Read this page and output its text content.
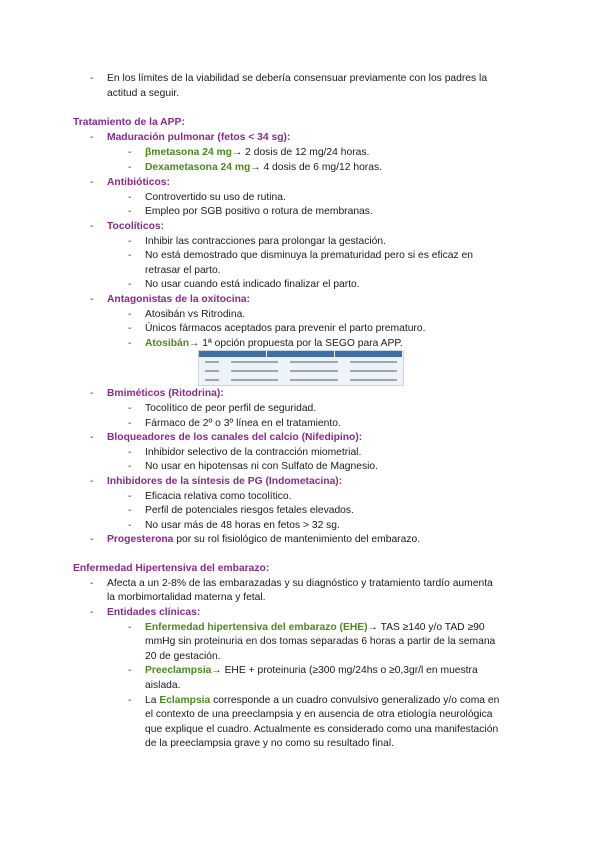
- En los límites de la viabilidad se debería consensuar previamente con los padres la
actitud a seguir.
Tratamiento de la APP:
- Maduración pulmonar (fetos < 34 sg):
- βmetasona 24 mg→ 2 dosis de 12 mg/24 horas.
- Dexametasona 24 mg→ 4 dosis de 6 mg/12 horas.
- Antibióticos:
- Controvertido su uso de rutina.
- Empleo por SGB positivo o rotura de membranas.
- Tocolíticos:
- Inhibir las contracciones para prolongar la gestación.
- No está demostrado que disminuya la prematuridad pero si es eficaz en
retrasar el parto.
- No usar cuando está indicado finalizar el parto.
- Antagonistas de la oxitocina:
- Atosibán vs Ritrodina.
- Únicos fármacos aceptados para prevenir el parto prematuro.
- Atosibán→ 1ª opción propuesta por la SEGO para APP.
- Bmiméticos (Ritodrina):
- Tocolítico de peor perfil de seguridad.
- Fármaco de 2º o 3º línea en el tratamiento.
- Bloqueadores de los canales del calcio (Nifedipino):
- Inhibidor selectivo de la contracción miometrial.
- No usar en hipotensas ni con Sulfato de Magnesio.
- Inhibidores de la síntesis de PG (Indometacina):
- Eficacia relativa como tocolítico.
- Perfil de potenciales riesgos fetales elevados.
- No usar más de 48 horas en fetos > 32 sg.
- Progesterona por su rol fisiológico de mantenimiento del embarazo.
Enfermedad Hipertensiva del embarazo:
- Afecta a un 2-8% de las embarazadas y su diagnóstico y tratamiento tardío aumenta
la morbimortalidad materna y fetal.
- Entidades clínicas:
- Enfermedad hipertensiva del embarazo (EHE)→ TAS ≥140 y/o TAD ≥90
mmHg sin proteinuria en dos tomas separadas 6 horas a partir de la semana
20 de gestación.
- Preeclampsia→ EHE + proteinuria (≥300 mg/24hs o ≥0,3gr/l en muestra
aislada.
- La Eclampsia corresponde a un cuadro convulsivo generalizado y/o coma en
el contexto de una preeclampsia y en ausencia de otra etiología neurológica
que explique el cuadro. Actualmente es considerado como una manifestación
de la preeclampsia grave y no como su resultado final.
